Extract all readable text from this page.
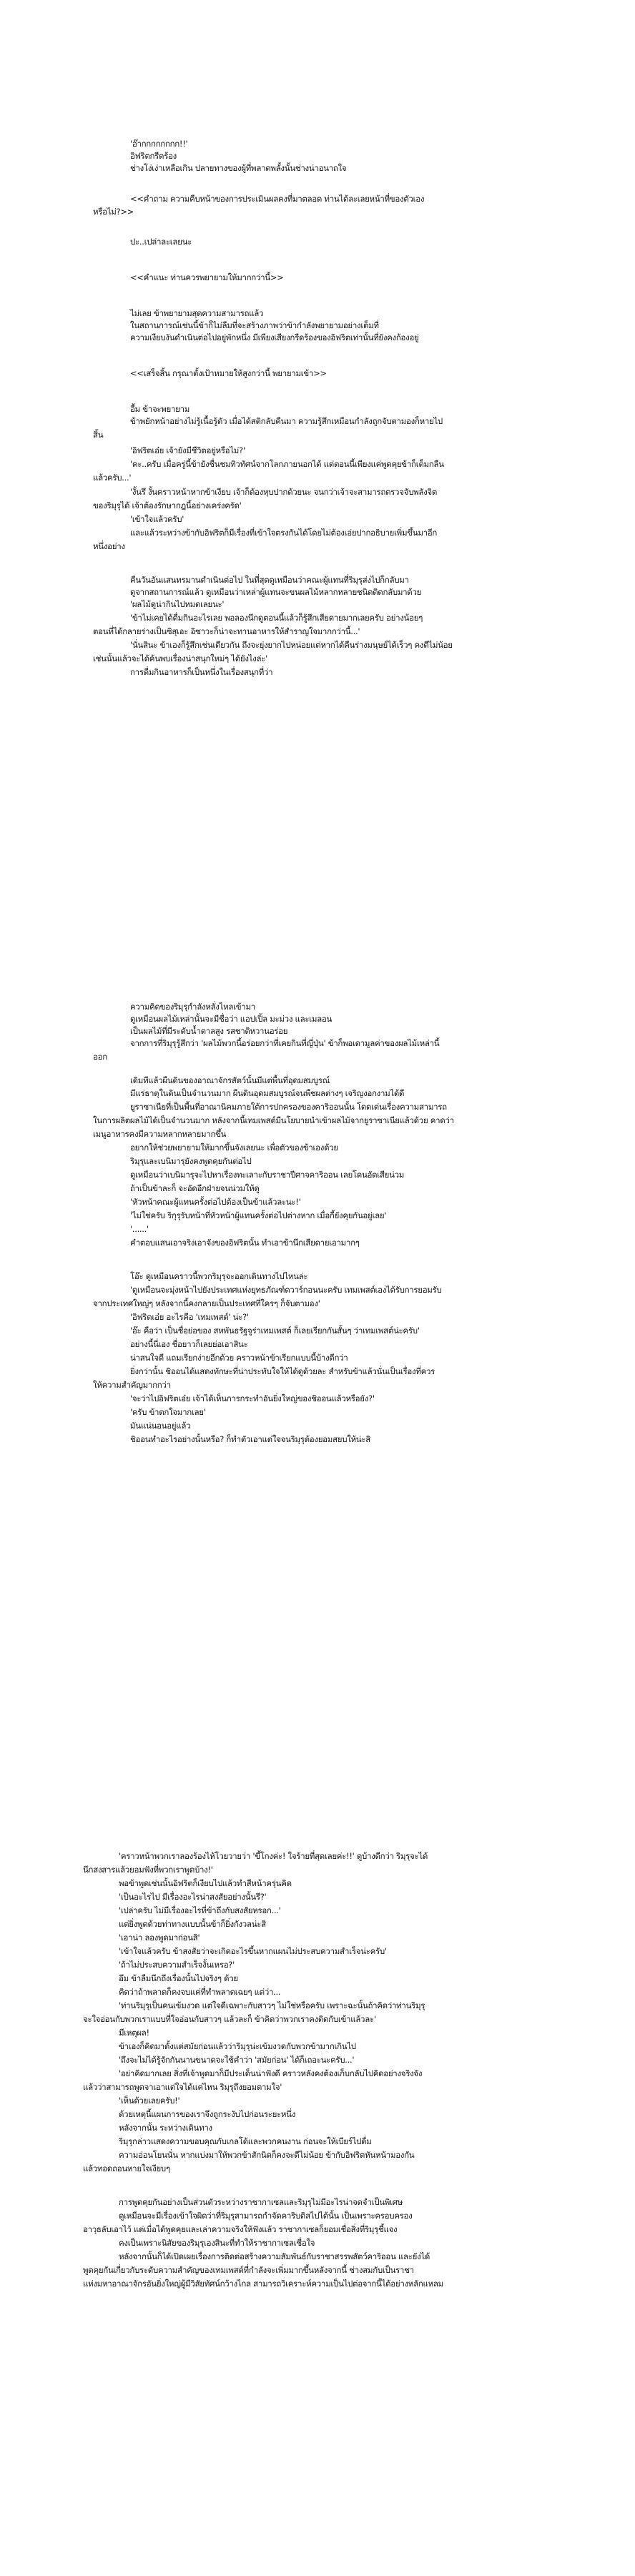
'อ๊ากกกกกกกก!!'
อิฟริตกรีดร้อง
ช่างโง่เง่าเหลือเกิน ปลายทางของผู้ที่พลาดพลั้งนั้นช่างน่าอนาถใจ
<<คำถาม ความคืบหน้าของการประเมินผลคงที่มาตลอด ท่านได้ละเลยหน้าที่ของตัวเอง
หรือไม่?>>
ปะ..เปล่าละเลยนะ
<<คำแนะ ท่านควรพยายามให้มากกว่านี้>>
ไม่เลย ข้าพยายามสุดความสามารถแล้ว
ในสถานการณ์เช่นนี้ข้าก็ไม่ลืมที่จะสร้างภาพว่าข้ากำลังพยายามอย่างเต็มที่
ความเงียบงันดำเนินต่อไปอยู่พักหนึ่ง มีเพียงเสียงกรีดร้องของอิฟริตเท่านั้นที่ยังคงก้องอยู่
<<เสร็จสิ้น กรุณาตั้งเป้าหมายให้สูงกว่านี้ พยายามเข้า>>
อื้ม ข้าจะพยายาม
ข้าพยักหน้าอย่างไม่รู้เนื้อรู้ตัว เมื่อได้สติกลับคืนมา ความรู้สึกเหมือนกำลังถูกจับตามองก็หายไป
สิ้น
'อิฟริตเอ๋ย เจ้ายังมีชีวิตอยู่หรือไม่?'
'คะ..ครับ เมื่อครู่นี้ข้ายังชื่นชมทิวทัศน์จากโลกภายนอกได้ แต่ตอนนี้เพียงแค่พูดคุยข้าก็เต็มกลืน
แล้วครับ...'
'งั้นรึ งั้นคราวหน้าหากข้าเงียบ เจ้าก็ต้องหุบปากด้วยนะ จนกว่าเจ้าจะสามารถตรวจจับพลังจิต
ของริมุรุได้ เจ้าต้องรักษากฎนี้อย่างเคร่งครัด'
'เข้าใจแล้วครับ'
และแล้วระหว่างข้ากับอิฟริตก็มีเรื่องที่เข้าใจตรงกันได้โดยไม่ต้องเอ่ยปากอธิบายเพิ่มขึ้นมาอีก
หนึ่งอย่าง
คืนวันอันแสนทรมานดำเนินต่อไป ในที่สุดดูเหมือนว่าคณะผู้แทนที่ริมุรุส่งไปก็กลับมา
ดูจากสถานการณ์แล้ว ดูเหมือนว่าเหล่าผู้แทนจะขนผลไม้หลากหลายชนิดติดกลับมาด้วย
'ผลไม้ดูน่ากินไปหมดเลยนะ'
'ข้าไม่เคยได้ดื่มกินอะไรเลย พอลองนึกดูตอนนี้แล้วก็รู้สึกเสียดายมากเลยครับ อย่างน้อยๆ
ตอนที่ได้กลายร่างเป็นซิสุเอะ อิซาวะก็น่าจะทานอาหารให้สำราญใจมากกว่านี้...'
'นั่นสินะ ข้าเองก็รู้สึกเช่นเดียวกัน ถึงจะยุ่งยากไปหน่อยแต่หากได้คืนร่างมนุษย์ได้เร็วๆ คงดีไม่น้อย
เช่นนั้นแล้วจะได้ค้นพบเรื่องน่าสนุกใหม่ๆ ได้ยังไงล่ะ'
การดื่มกินอาหารก็เป็นหนึ่งในเรื่องสนุกที่ว่า
ความคิดของริมุรุกำลังหลั่งไหลเข้ามา
ดูเหมือนผลไม้เหล่านั้นจะมีชื่อว่า แอปเปิ้ล มะม่วง และเมลอน
เป็นผลไม้ที่มีระดับน้ำตาลสูง รสชาติหวานอร่อย
จากการที่ริมุรุรู้สึกว่า 'ผลไม้พวกนี้อร่อยกว่าที่เคยกินที่ญี่ปุ่น' ข้าก็พอเดามูลค่าของผลไม้เหล่านี้
ออก
เดิมทีแล้วผืนดินของอาณาจักรสัตว์นั้นมีแต่พื้นที่อุดมสมบูรณ์
มีแร่ธาตุในดินเป็นจำนวนมาก ผืนดินอุดมสมบูรณ์จนพืชผลต่างๆ เจริญงอกงามได้ดี
ยูราซาเนียที่เป็นพื้นที่อาณานิคมภายใต้การปกครองของคาริออนนั้น โดดเด่นเรื่องความสามารถ
ในการผลิตผลไม้ได้เป็นจำนวนมาก หลังจากนี้เทมเพสต์มีนโยบายนำเข้าผลไม้จากยูราซาเนียแล้วด้วย คาดว่า
เมนูอาหารคงมีความหลากหลายมากขึ้น
อยากให้ช่วยพยายามให้มากขึ้นจังเลยนะ เพื่อตัวของข้าเองด้วย
ริมุรุและเบนิมารุยังคงพูดคุยกันต่อไป
ดูเหมือนว่าเบนิมารุจะไปหาเรื่องทะเลาะกับราชาปีศาจคาริออน เลยโดนอัดเสียน่วม
ถ้าเป็นข้าละก็ จะอัดอีกฝ่ายจนน่วมให้ดู
'หัวหน้าคณะผู้แทนครั้งต่อไปต้องเป็นข้าแล้วละนะ!'
'ไม่ใช่ครับ ริกุรุรับหน้าที่หัวหน้าผู้แทนครั้งต่อไปต่างหาก เมื่อกี้ยังคุยกันอยู่เลย'
'......'
คำตอบแสนเอาจริงเอาจังของอิฟริตนั้น ทำเอาข้านึกเสียดายเอามากๆ
โอ๊ะ ดูเหมือนคราวนี้พวกริมุรุจะออกเดินทางไปไหนล่ะ
'ดูเหมือนจะมุ่งหน้าไปยังประเทศแห่งยุทธภัณฑ์ดวาร์กอนนะครับ เทมเพสต์เองได้รับการยอมรับ
จากประเทศใหญ่ๆ หลังจากนี้คงกลายเป็นประเทศที่ใครๆ ก็จับตามอง'
'อิฟริตเอ๋ย อะไรคือ 'เทมเพสต์' น่ะ?'
'อ๊ะ คือว่า เป็นชื่อย่อของ สหพันธรัฐจูร่าเทมเพสต์ ก็เลยเรียกกันสั้นๆ ว่าเทมเพสต์น่ะครับ'
อย่างนี้นี่เอง ชื่อยาวก็เลยย่อเอาสินะ
น่าสนใจดี แถมเรียกง่ายอีกด้วย คราวหน้าข้าเรียกแบบนี้บ้างดีกว่า
ยิ่งกว่านั้น ชิออนได้แสดงทักษะที่น่าประทับใจให้ได้ดูด้วยละ สำหรับข้าแล้วนั่นเป็นเรื่องที่ควร
ให้ความสำคัญมากกว่า
'จะว่าไปอิฟริตเอ๋ย เจ้าได้เห็นการกระทำอันยิ่งใหญ่ของชิออนแล้วหรือยัง?'
'ครับ ข้าตกใจมากเลย'
มันแน่นอนอยู่แล้ว
ชิออนทำอะไรอย่างนั้นหรือ? ก็ทำตัวเอาแต่ใจจนริมุรุต้องยอมสยบให้น่ะสิ
'คราวหน้าพวกเราลองร้องไห้โวยวายว่า 'ขี้โกงค่ะ! ใจร้ายที่สุดเลยค่ะ!!' ดูบ้างดีกว่า ริมุรุจะได้
นึกสงสารแล้วยอมฟังที่พวกเราพูดบ้าง!'
พอข้าพูดเช่นนั้นอิฟริตก็เงียบไปแล้วทำสีหน้าครุ่นคิด
'เป็นอะไรไป มีเรื่องอะไรน่าสงสัยอย่างนั้นรึ?'
'เปล่าครับ ไม่มีเรื่องอะไรที่ข้าถึงกับสงสัยหรอก...'
แต่ยิ่งพูดด้วยท่าทางแบบนั้นข้าก็ยิ่งกังวลน่ะสิ
'เอาน่า ลองพูดมาก่อนสิ'
'เข้าใจแล้วครับ ข้าสงสัยว่าจะเกิดอะไรขึ้นหากแผนไม่ประสบความสำเร็จน่ะครับ'
'ถ้าไม่ประสบความสำเร็จงั้นเหรอ?'
อึม ข้าลืมนึกถึงเรื่องนั้นไปจริงๆ ด้วย
คิดว่าถ้าพลาดก็คงจบแค่ที่ทำพลาดเฉยๆ แต่ว่า...
'ท่านริมุรุเป็นคนเข้มงวด แต่ใจดีเฉพาะกับสาวๆ ไม่ใช่หรือครับ เพราะฉะนั้นถ้าคิดว่าท่านริมุรุ
จะใจอ่อนกับพวกเราแบบที่ใจอ่อนกับสาวๆ แล้วละก็ ข้าคิดว่าพวกเราคงติดกับเข้าแล้วละ'
มีเหตุผล!
ข้าเองก็คิดมาตั้งแต่สมัยก่อนแล้วว่าริมุรุน่ะเข้มงวดกับพวกข้ามากเกินไป
'ถึงจะไม่ได้รู้จักกันนานขนาดจะใช้คำว่า 'สมัยก่อน' ได้ก็เถอะนะครับ...'
'อย่าคิดมากเลย สิ่งที่เจ้าพูดมาก็มีประเด็นน่าฟังดี คราวหลังคงต้องเก็บกลับไปคิดอย่างจริงจัง
แล้วว่าสามารถพูดจาเอาแต่ใจได้แค่ไหน ริมุรุถึงยอมตามใจ'
'เห็นด้วยเลยครับ!'
ด้วยเหตุนี้แผนการของเราจึงถูกระงับไปก่อนระยะหนึ่ง
หลังจากนั้น ระหว่างเดินทาง
ริมุรุกล่าวแสดงความขอบคุณกับเกลโด้และพวกคนงาน ก่อนจะให้เบียร์ไปดื่ม
ความอ่อนโยนนั่น หากแบ่งมาให้พวกข้าสักนิดก็คงจะดีไม่น้อย ข้ากับอิฟริตหันหน้ามองกัน
แล้วทอดถอนหายใจเงียบๆ
การพูดคุยกันอย่างเป็นส่วนตัวระหว่างราชากาเซลและริมุรุไม่มีอะไรน่าจดจำเป็นพิเศษ
ดูเหมือนจะมีเรื่องเข้าใจผิดว่าที่ริมุรุสามารถกำจัดคาริบดิสไปได้นั้น เป็นเพราะครอบครอง
อาวุธลับเอาไว้ แต่เมื่อได้พูดคุยและเล่าความจริงให้ฟังแล้ว ราชากาเซลก็ยอมเชื่อสิ่งที่ริมุรุชี้แจง
คงเป็นเพราะนิสัยของริมุรุเองสินะที่ทำให้ราชากาเซลเชื่อใจ
หลังจากนั้นก็ได้เปิดเผยเรื่องการติดต่อสร้างความสัมพันธ์กับราชาสรรพสัตว์คาริออน และยังได้
พูดคุยกันเกี่ยวกับระดับความสำคัญของเทมเพสต์ที่กำลังจะเพิ่มมากขึ้นหลังจากนี้ ช่างสมกับเป็นราชา
แห่งมหาอาณาจักรอันยิ่งใหญ่ผู้มีวิสัยทัศน์กว้างไกล สามารถวิเคราะห์ความเป็นไปต่อจากนี้ได้อย่างหลักแหลม
